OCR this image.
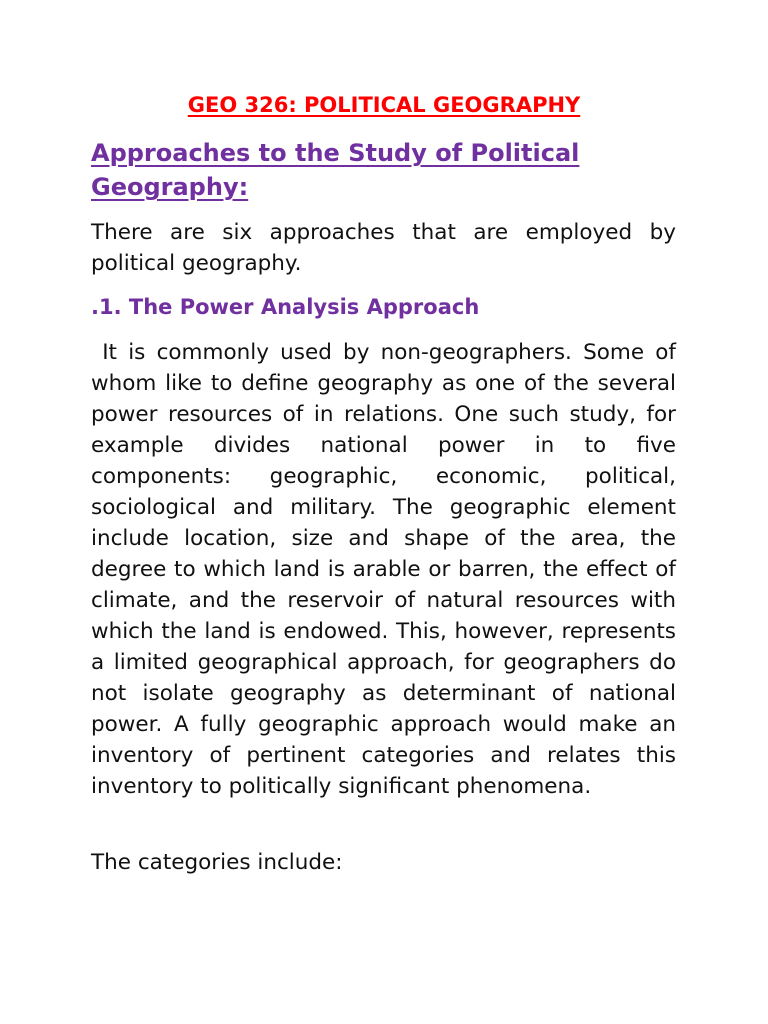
GEO 326: POLITICAL GEOGRAPHY
Approaches to the Study of Political Geography:

There are six approaches that are employed by political geography.

.1. The Power Analysis Approach

It is commonly used by non-geographers. Some of whom like to define geography as one of the several power resources of in relations. One such study, for example divides national power in to five components: geographic, economic, political, sociological and military. The geographic element include location, size and shape of the area, the degree to which land is arable or barren, the effect of climate, and the reservoir of natural resources with which the land is endowed. This, however, represents a limited geographical approach, for geographers do not isolate geography as determinant of national power. A fully geographic approach would make an inventory of pertinent categories and relates this inventory to politically significant phenomena.

The categories include:
